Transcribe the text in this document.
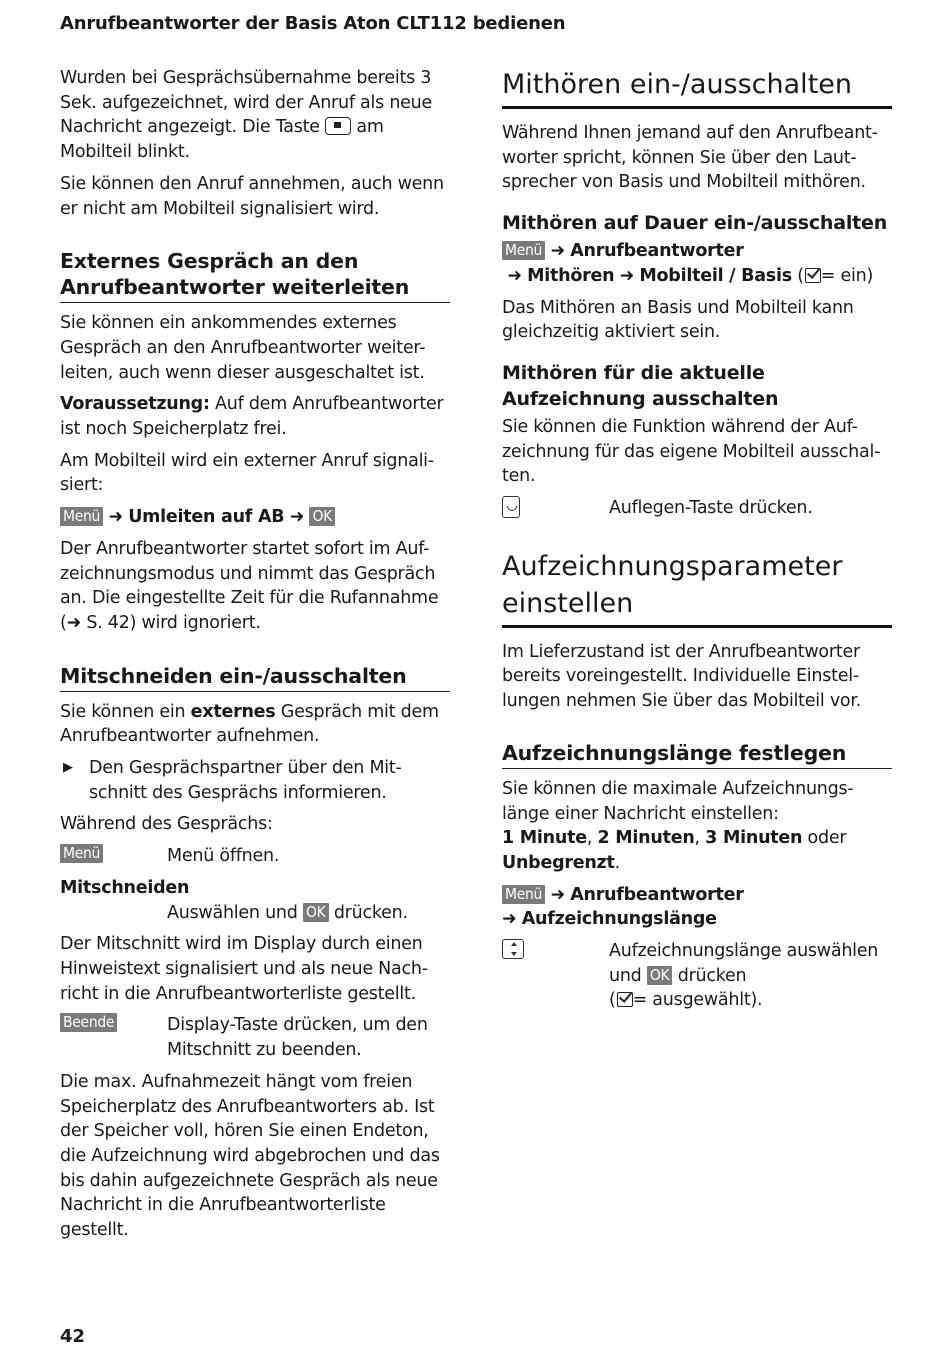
Anrufbeantworter der Basis Aton CLT112 bedienen

Wurden bei Gesprächsübernahme bereits 3 Sek. aufgezeichnet, wird der Anruf als neue Nachricht angezeigt. Die Taste am Mobilteil blinkt.

Sie können den Anruf annehmen, auch wenn er nicht am Mobilteil signalisiert wird.

Externes Gespräch an den Anrufbeantworter weiterleiten

Sie können ein ankommendes externes Gespräch an den Anrufbeantworter weiter-leiten, auch wenn dieser ausgeschaltet ist.

Voraussetzung: Auf dem Anrufbeantworter ist noch Speicherplatz frei.

Am Mobilteil wird ein externer Anruf signali-siert:

Menü ➜ Umleiten auf AB ➜ OK

Der Anrufbeantworter startet sofort im Auf-zeichnungsmodus und nimmt das Gespräch an. Die eingestellte Zeit für die Rufannahme (➜ S. 42) wird ignoriert.

Mitschneiden ein-/ausschalten

Sie können ein externes Gespräch mit dem Anrufbeantworter aufnehmen.

▶ Den Gesprächspartner über den Mit-schnitt des Gesprächs informieren.

Während des Gesprächs:

Menü	Menü öffnen.

Mitschneiden

Auswählen und OK drücken.

Der Mitschnitt wird im Display durch einen Hinweistext signalisiert und als neue Nach-richt in die Anrufbeantworterliste gestellt.

Beende	Display-Taste drücken, um den Mitschnitt zu beenden.

Die max. Aufnahmezeit hängt vom freien Speicherplatz des Anrufbeantworters ab. Ist der Speicher voll, hören Sie einen Endeton, die Aufzeichnung wird abgebrochen und das bis dahin aufgezeichnete Gespräch als neue Nachricht in die Anrufbeantworterliste gestellt.

Mithören ein-/ausschalten

Während Ihnen jemand auf den Anrufbeant-worter spricht, können Sie über den Laut-sprecher von Basis und Mobilteil mithören.

Mithören auf Dauer ein-/ausschalten

Menü ➜ Anrufbeantworter
➜ Mithören ➜ Mobilteil / Basis ( = ein)

Das Mithören an Basis und Mobilteil kann gleichzeitig aktiviert sein.

Mithören für die aktuelle Aufzeichnung ausschalten

Sie können die Funktion während der Auf-zeichnung für das eigene Mobilteil ausschal-ten.

Auflegen-Taste drücken.

Aufzeichnungsparameter einstellen

Im Lieferzustand ist der Anrufbeantworter bereits voreingestellt. Individuelle Einstel-lungen nehmen Sie über das Mobilteil vor.

Aufzeichnungslänge festlegen

Sie können die maximale Aufzeichnungs-länge einer Nachricht einstellen:

1 Minute, 2 Minuten, 3 Minuten oder
Unbegrenzt.

Menü ➜ Anrufbeantworter
➜ Aufzeichnungslänge

Aufzeichnungslänge auswählen und OK drücken
( = ausgewählt).

42
